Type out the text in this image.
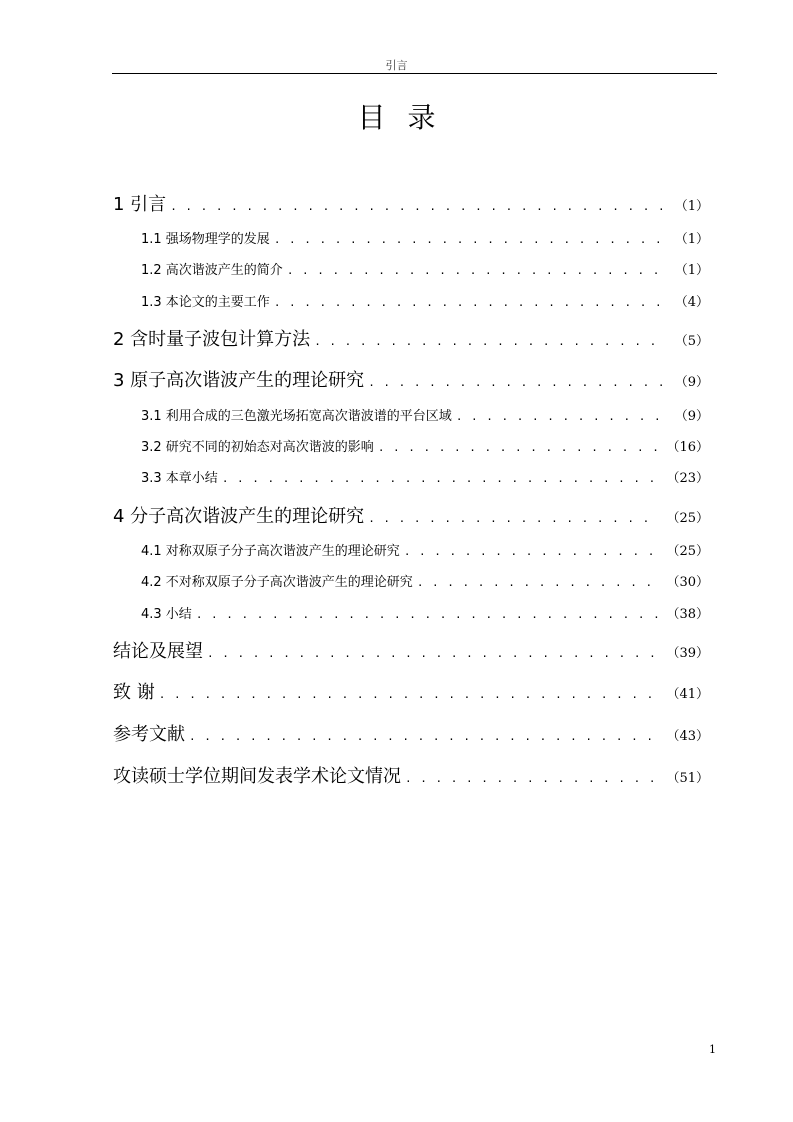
引言
目录
1 引言 . . .	（1）
1.1 强场物理学的发展 . . .	（1）
1.2 高次谐波产生的简介 . . .	（1）
1.3 本论文的主要工作 . . .	（4）
2 含时量子波包计算方法 . . .	（5）
3 原子高次谐波产生的理论研究 . . .	（9）
3.1 利用合成的三色激光场拓宽高次谐波谱的平台区域 . . .	（9）
3.2 研究不同的初始态对高次谐波的影响 . . .	（16）
3.3 本章小结 . . .	（23）
4 分子高次谐波产生的理论研究 . . .	（25）
4.1 对称双原子分子高次谐波产生的理论研究 . . .	（25）
4.2 不对称双原子分子高次谐波产生的理论研究 . . .	（30）
4.3 小结 . . .	（38）
结论及展望 . . .	（39）
致 谢 . . .	（41）
参考文献 . . .	（43）
攻读硕士学位期间发表学术论文情况 . . .	（51）
1
